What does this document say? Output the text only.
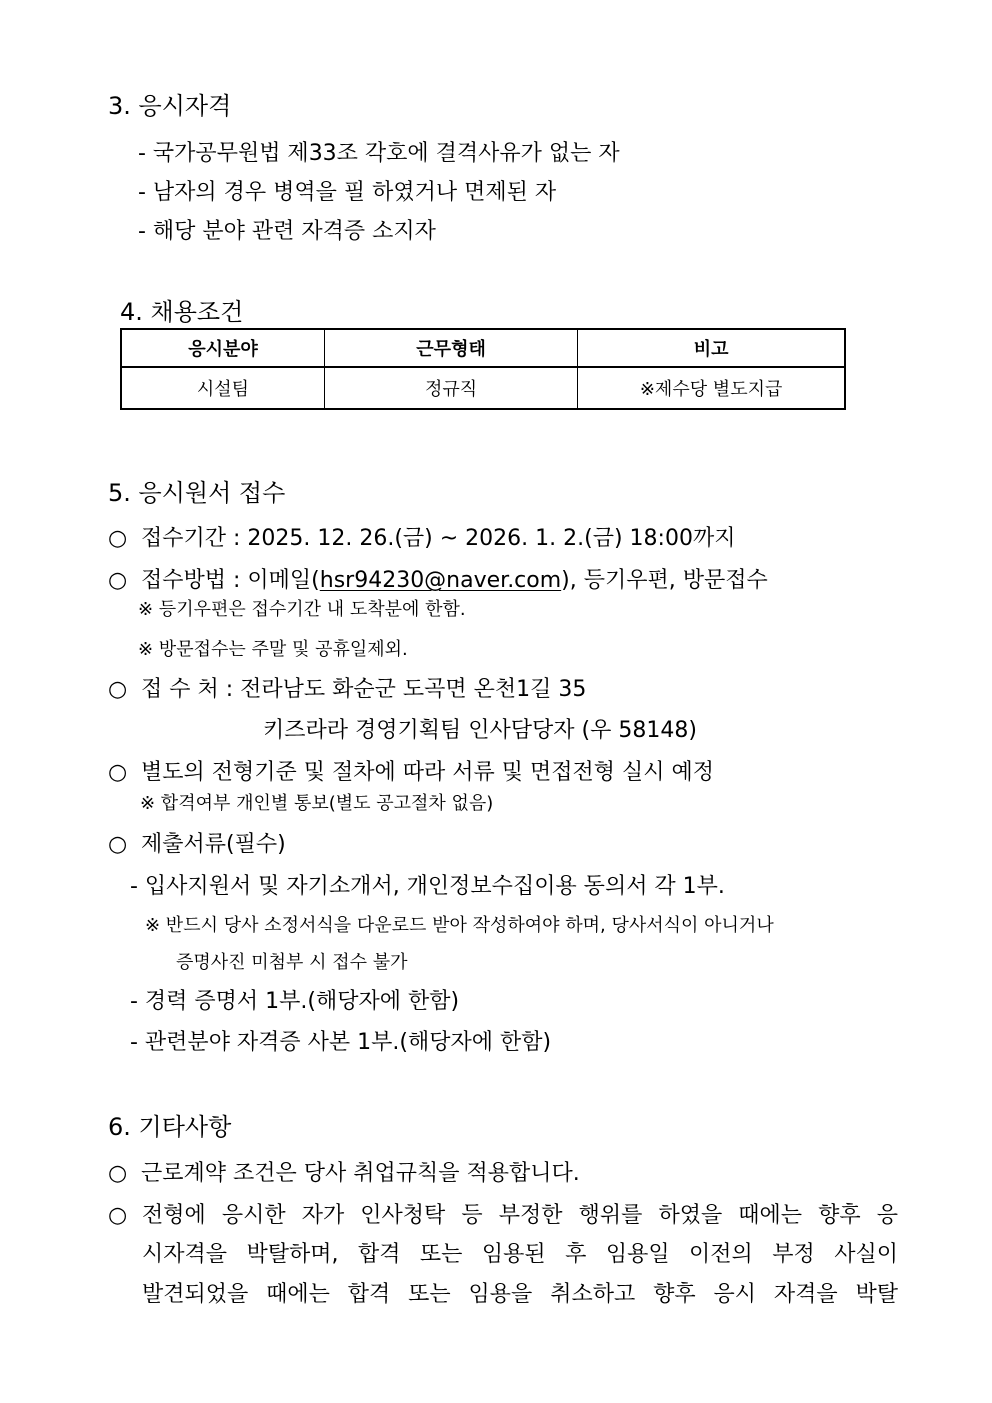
3. 응시자격
- 국가공무원법 제33조 각호에 결격사유가 없는 자
- 남자의 경우 병역을 필 하였거나 면제된 자
- 해당 분야 관련 자격증 소지자
4. 채용조건
응시분야	근무형태	비고
시설팀	정규직	※제수당 별도지급
5. 응시원서 접수
○ 접수기간 : 2025. 12. 26.(금) ~ 2026. 1. 2.(금) 18:00까지
○ 접수방법 : 이메일(hsr94230@naver.com), 등기우편, 방문접수
※ 등기우편은 접수기간 내 도착분에 한함.
※ 방문접수는 주말 및 공휴일제외.
○ 접 수 처 : 전라남도 화순군 도곡면 온천1길 35
키즈라라 경영기획팀 인사담당자 (우 58148)
○ 별도의 전형기준 및 절차에 따라 서류 및 면접전형 실시 예정
※ 합격여부 개인별 통보(별도 공고절차 없음)
○ 제출서류(필수)
- 입사지원서 및 자기소개서, 개인정보수집이용 동의서 각 1부.
※ 반드시 당사 소정서식을 다운로드 받아 작성하여야 하며, 당사서식이 아니거나
증명사진 미첨부 시 접수 불가
- 경력 증명서 1부.(해당자에 한함)
- 관련분야 자격증 사본 1부.(해당자에 한함)
6. 기타사항
○ 근로계약 조건은 당사 취업규칙을 적용합니다.
○ 전형에 응시한 자가 인사청탁 등 부정한 행위를 하였을 때에는 향후 응
시자격을 박탈하며, 합격 또는 임용된 후 임용일 이전의 부정 사실이
발견되었을 때에는 합격 또는 임용을 취소하고 향후 응시 자격을 박탈
